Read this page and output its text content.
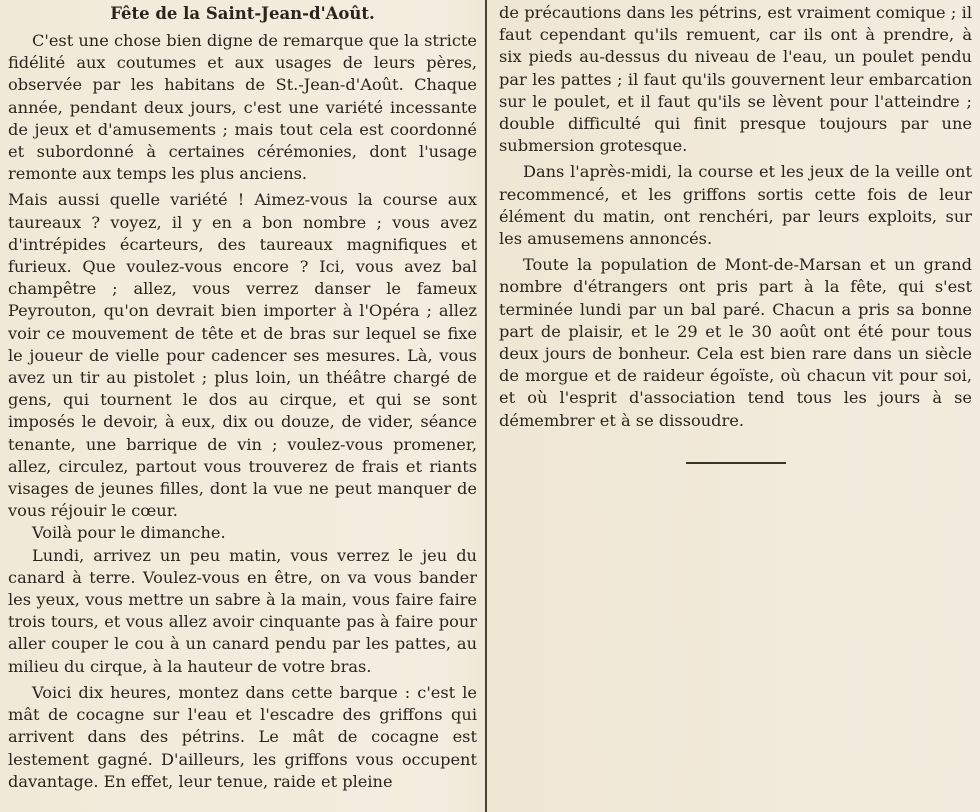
Fête de la Saint-Jean-d'Août.

C'est une chose bien digne de remarque que la stricte fidélité aux coutumes et aux usages de leurs pères, observée par les habitans de St.-Jean-d'Août. Chaque année, pendant deux jours, c'est une variété incessante de jeux et d'amusements ; mais tout cela est coordonné et subordonné à certaines cérémonies, dont l'usage remonte aux temps les plus anciens.

Mais aussi quelle variété ! Aimez-vous la course aux taureaux ? voyez, il y en a bon nombre ; vous avez d'intrépides écarteurs, des taureaux magnifiques et furieux. Que voulez-vous encore ? Ici, vous avez bal champêtre ; allez, vous verrez danser le fameux Peyrouton, qu'on devrait bien importer à l'Opéra ; allez voir ce mouvement de tête et de bras sur lequel se fixe le joueur de vielle pour cadencer ses mesures. Là, vous avez un tir au pistolet ; plus loin, un théâtre chargé de gens, qui tournent le dos au cirque, et qui se sont imposés le devoir, à eux, dix ou douze, de vider, séance tenante, une barrique de vin ; voulez-vous promener, allez, circulez, partout vous trouverez de frais et riants visages de jeunes filles, dont la vue ne peut manquer de vous réjouir le cœur.

Voilà pour le dimanche.

Lundi, arrivez un peu matin, vous verrez le jeu du canard à terre. Voulez-vous en être, on va vous bander les yeux, vous mettre un sabre à la main, vous faire faire trois tours, et vous allez avoir cinquante pas à faire pour aller couper le cou à un canard pendu par les pattes, au milieu du cirque, à la hauteur de votre bras.

Voici dix heures, montez dans cette barque : c'est le mât de cocagne sur l'eau et l'escadre des griffons qui arrivent dans des pétrins. Le mât de cocagne est lestement gagné. D'ailleurs, les griffons vous occupent davantage. En effet, leur tenue, raide et pleine

de précautions dans les pétrins, est vraiment comique ; il faut cependant qu'ils remuent, car ils ont à prendre, à six pieds au-dessus du niveau de l'eau, un poulet pendu par les pattes ; il faut qu'ils gouvernent leur embarcation sur le poulet, et il faut qu'ils se lèvent pour l'atteindre ; double difficulté qui finit presque toujours par une submersion grotesque.

Dans l'après-midi, la course et les jeux de la veille ont recommencé, et les griffons sortis cette fois de leur élément du matin, ont renchéri, par leurs exploits, sur les amusemens annoncés.

Toute la population de Mont-de-Marsan et un grand nombre d'étrangers ont pris part à la fête, qui s'est terminée lundi par un bal paré. Chacun a pris sa bonne part de plaisir, et le 29 et le 30 août ont été pour tous deux jours de bonheur. Cela est bien rare dans un siècle de morgue et de raideur égoïste, où chacun vit pour soi, et où l'esprit d'association tend tous les jours à se démembrer et à se dissoudre.
